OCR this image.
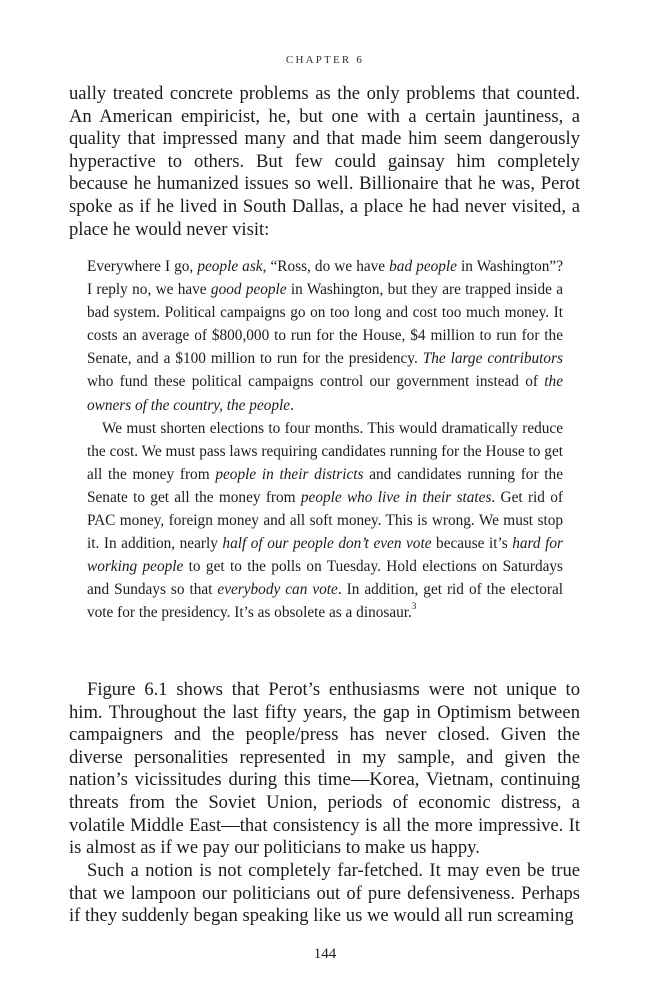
CHAPTER 6

ually treated concrete problems as the only problems that counted. An American empiricist, he, but one with a certain jauntiness, a quality that impressed many and that made him seem dangerously hyperactive to others. But few could gainsay him completely because he humanized issues so well. Billionaire that he was, Perot spoke as if he lived in South Dallas, a place he had never visited, a place he would never visit:

Everywhere I go, people ask, “Ross, do we have bad people in Washington”? I reply no, we have good people in Washington, but they are trapped inside a bad system. Political campaigns go on too long and cost too much money. It costs an average of $800,000 to run for the House, $4 million to run for the Senate, and a $100 million to run for the presidency. The large contributors who fund these political campaigns control our government instead of the owners of the country, the people.

We must shorten elections to four months. This would dramatically reduce the cost. We must pass laws requiring candidates running for the House to get all the money from people in their districts and candidates running for the Senate to get all the money from people who live in their states. Get rid of PAC money, foreign money and all soft money. This is wrong. We must stop it. In addition, nearly half of our people don’t even vote because it’s hard for working people to get to the polls on Tuesday. Hold elections on Saturdays and Sundays so that everybody can vote. In addition, get rid of the electoral vote for the presidency. It’s as obsolete as a dinosaur.$^3$

Figure 6.1 shows that Perot’s enthusiasms were not unique to him. Throughout the last fifty years, the gap in Optimism between campaigners and the people/press has never closed. Given the diverse personalities represented in my sample, and given the nation’s vicissitudes during this time—Korea, Vietnam, continuing threats from the Soviet Union, periods of economic distress, a volatile Middle East—that consistency is all the more impressive. It is almost as if we pay our politicians to make us happy.

Such a notion is not completely far-fetched. It may even be true that we lampoon our politicians out of pure defensiveness. Perhaps if they suddenly began speaking like us we would all run screaming

144
